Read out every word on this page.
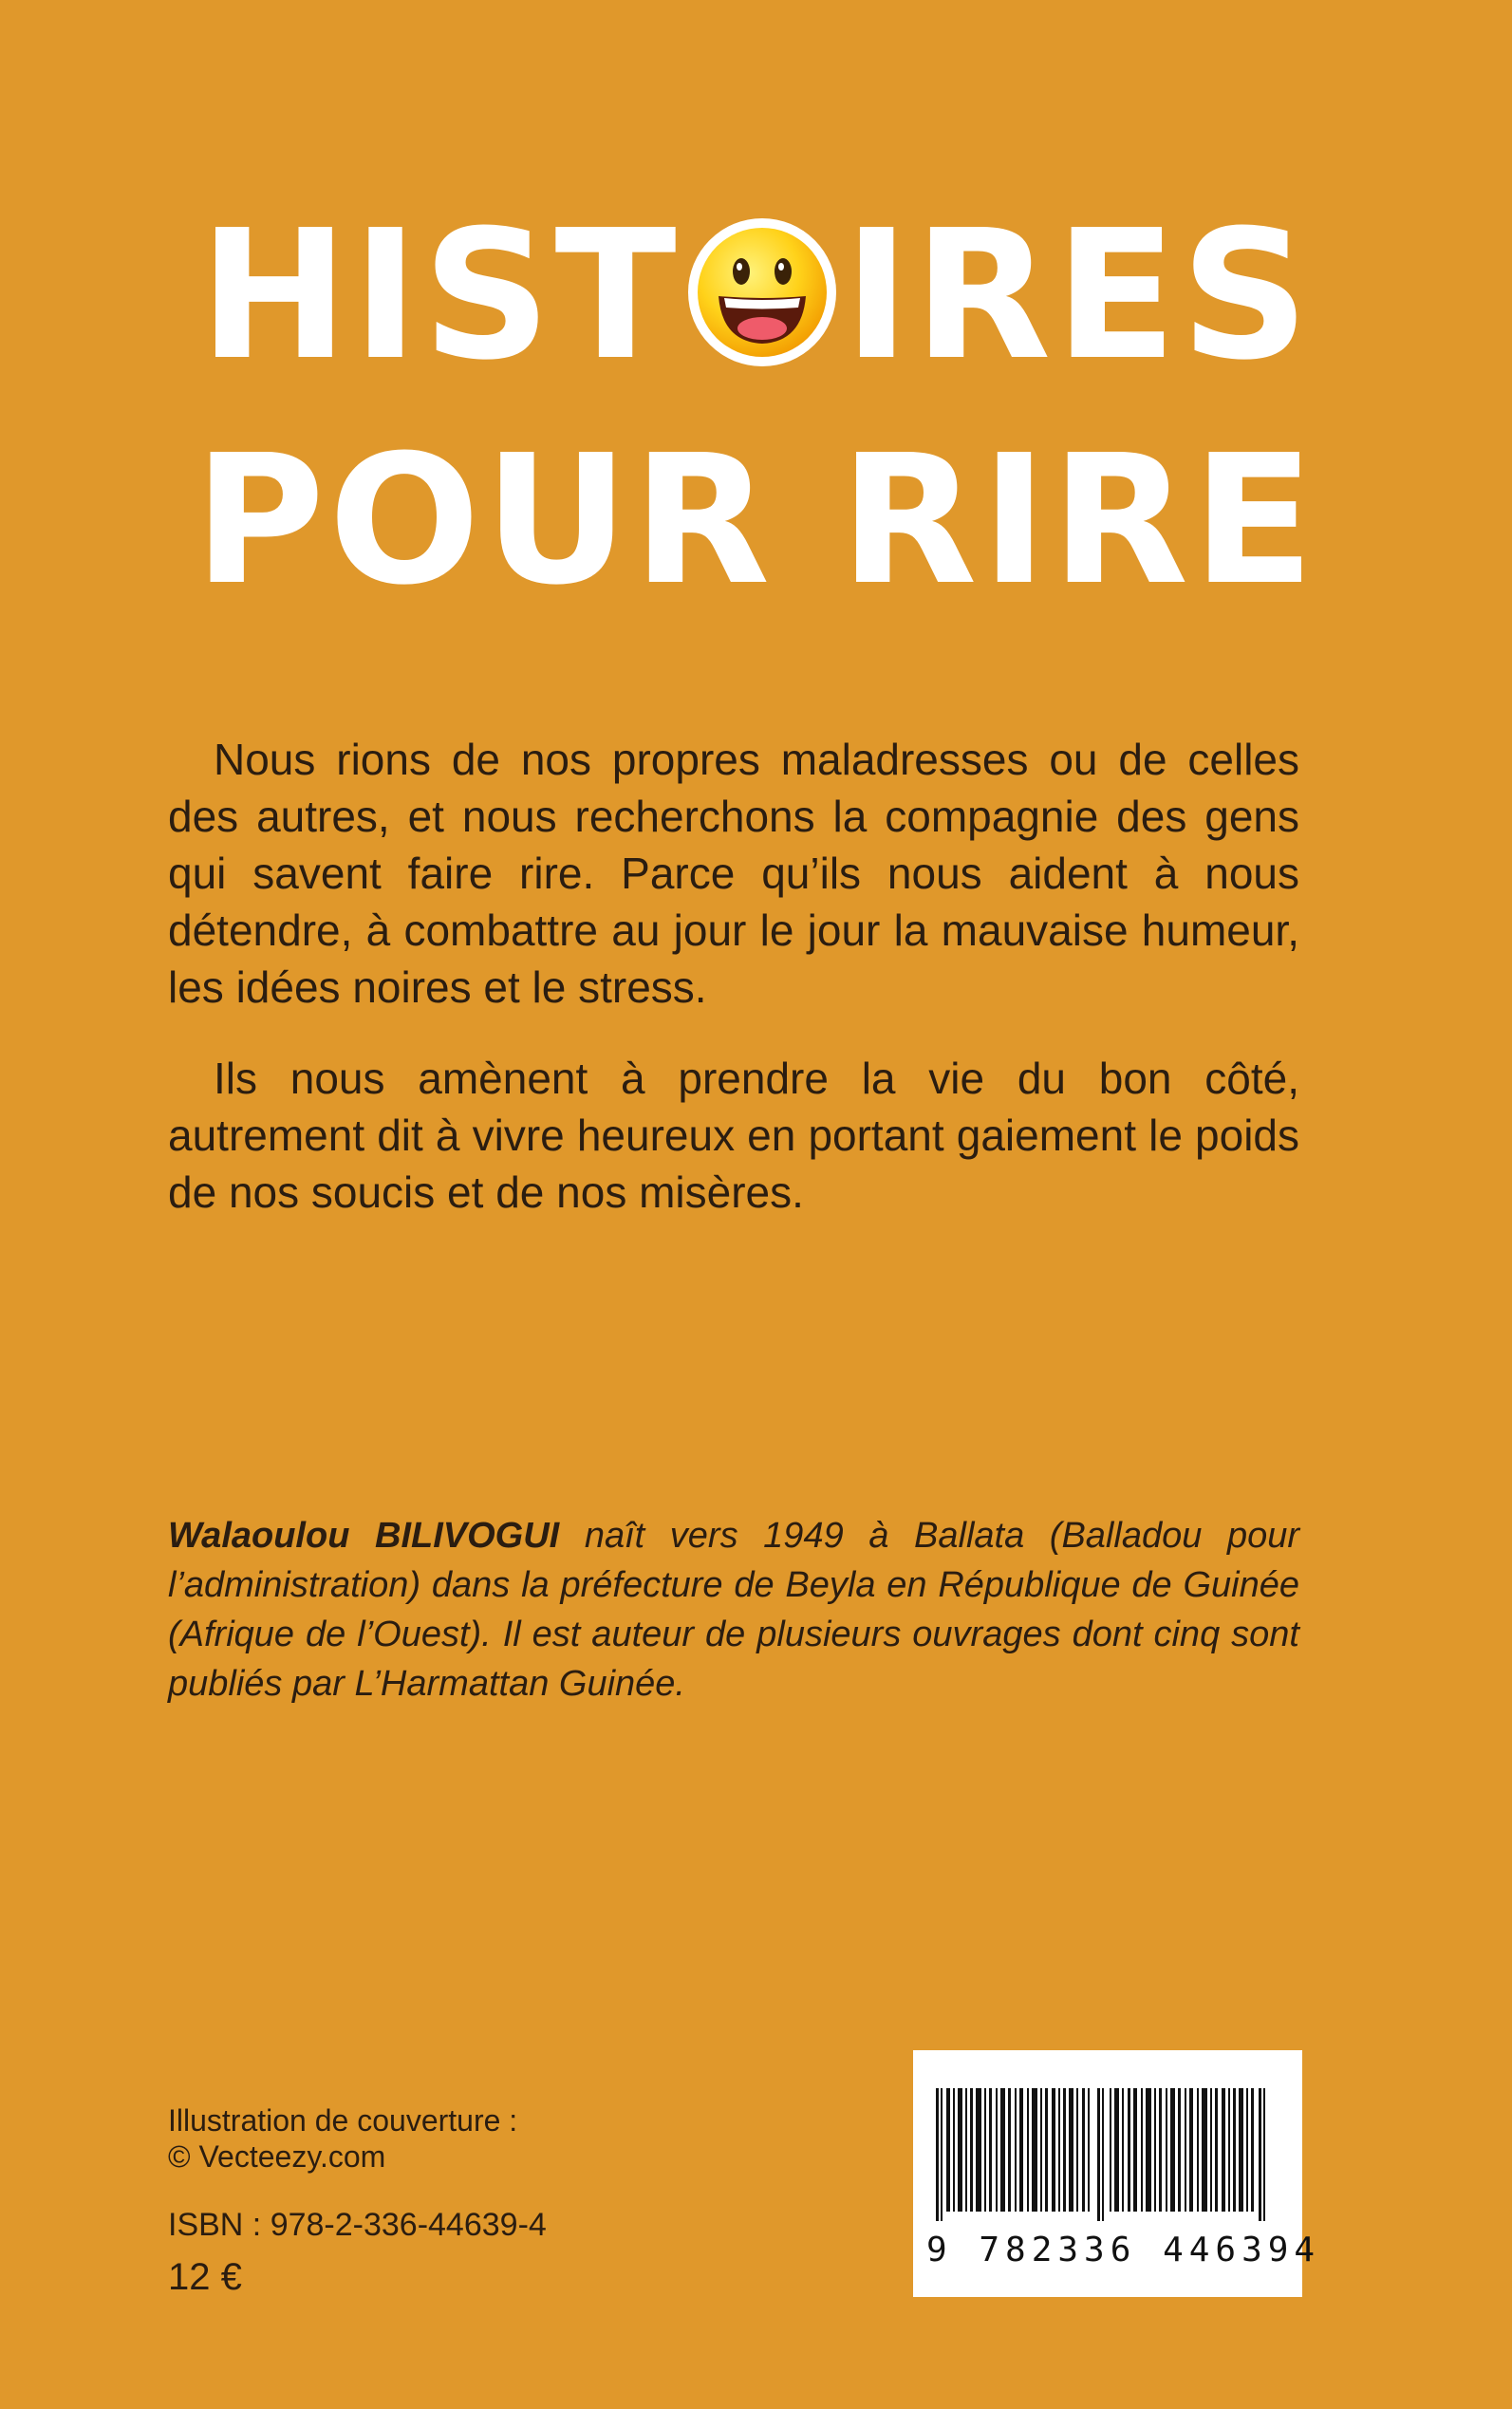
HIST IRES
POUR RIRE

Nous rions de nos propres maladresses ou de celles des autres, et nous recherchons la compagnie des gens qui savent faire rire. Parce qu’ils nous aident à nous détendre, à combattre au jour le jour la mauvaise humeur, les idées noires et le stress.

Ils nous amènent à prendre la vie du bon côté, autrement dit à vivre heureux en portant gaiement le poids de nos soucis et de nos misères.

Walaoulou BILIVOGUI naît vers 1949 à Ballata (Balladou pour l’administration) dans la préfecture de Beyla en République de Guinée (Afrique de l’Ouest). Il est auteur de plusieurs ouvrages dont cinq sont publiés par L’Harmattan Guinée.

Illustration de couverture :
© Vecteezy.com
ISBN : 978-2-336-44639-4
12 €
9 782336 446394
